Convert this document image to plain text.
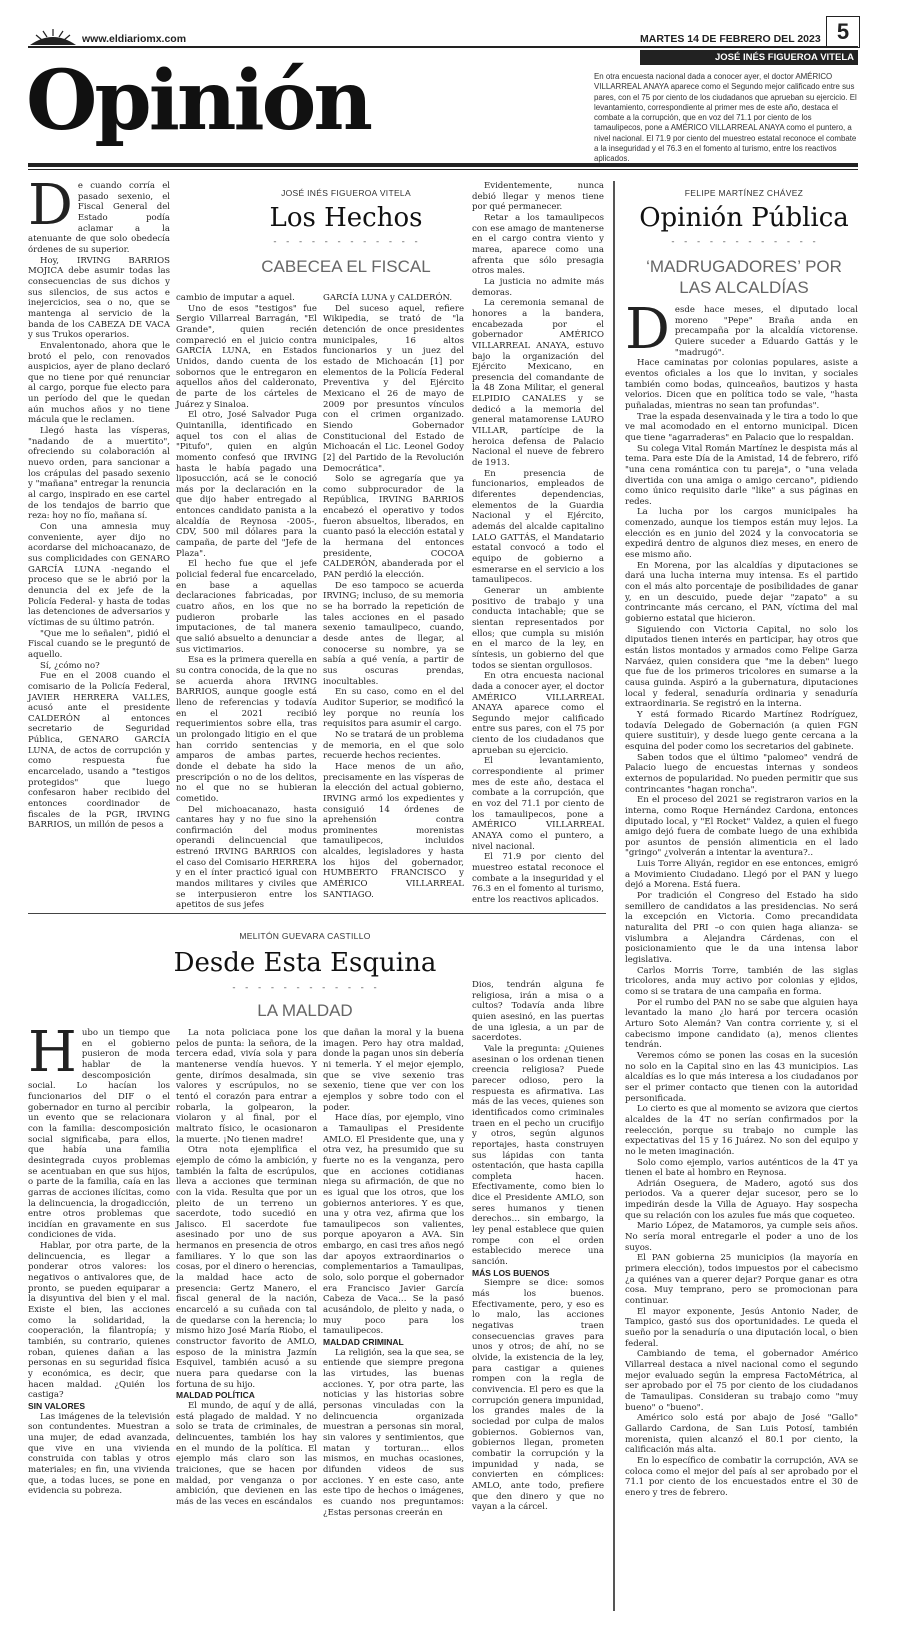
www.eldiariomx.com	MARTES 14 DE FEBRERO DEL 2023 5
JOSÉ INÉS FIGUEROA VITELA
Opinión	En otra encuesta nacional dada a conocer ayer, el doctor AMÉRICO VILLARREAL ANAYA aparece como el Segundo mejor calificado entre sus pares, con el 75 por ciento de los ciudadanos que aprueban su ejercicio. El levantamiento, correspondiente al primer mes de este año, destaca el combate a la corrupción, que en voz del 71.1 por ciento de los tamaulipecos, pone a AMÉRICO VILLARREAL ANAYA como el puntero, a nivel nacional. El 71.9 por ciento del muestreo estatal reconoce el combate a la inseguridad y el 76.3 en el fomento al turismo, entre los reactivos aplicados.
JOSÉ INÉS FIGUEROA VITELA
Los Hechos
- - - - - - - - - - - -
CABECEA EL FISCAL

De cuando corría el pasado sexenio, el Fiscal General del Estado podía aclamar a la atenuante de que solo obedecía órdenes de su superior.

Hoy, IRVING BARRIOS MOJICA debe asumir todas las consecuencias de sus dichos y sus silencios, de sus actos e inejercicios, sea o no, que se mantenga al servicio de la banda de los CABEZA DE VACA y sus Trukos operarios.

Envalentonado, ahora que le brotó el pelo, con renovados auspicios, ayer de plano declaró que no tiene por qué renunciar al cargo, porque fue electo para un período del que le quedan aún muchos años y no tiene mácula que le reclamen.

Llegó hasta las vísperas, "nadando de a muertito", ofreciendo su colaboración al nuevo orden, para sancionar a los crápulas del pasado sexenio y "mañana" entregar la renuncia al cargo, inspirado en ese cartel de los tendajos de barrio que reza: hoy no fío, mañana sí.

Con una amnesia muy conveniente, ayer dijo no acordarse del michoacanazo, de sus complicidades con GENARO GARCÍA LUNA -negando el proceso que se le abrió por la denuncia del ex jefe de la Policía Federal- y hasta de todas las detenciones de adversarios y víctimas de su último patrón.

"Que me lo señalen", pidió el Fiscal cuando se le preguntó de aquello.

Sí, ¿cómo no?

Fue en el 2008 cuando el comisario de la Policía Federal, JAVIER HERRERA VALLES, acusó ante el presidente CALDERÓN al entonces secretario de Seguridad Pública, GENARO GARCÍA LUNA, de actos de corrupción y como respuesta fue encarcelado, usando a "testigos protegidos" que luego confesaron haber recibido del entonces coordinador de fiscales de la PGR, IRVING BARRIOS, un millón de pesos a

cambio de imputar a aquel.

Uno de esos "testigos" fue Sergio Villarreal Barragán, "El Grande", quien recién compareció en el juicio contra GARCÍA LUNA, en Estados Unidos, dando cuenta de los sobornos que le entregaron en aquellos años del calderonato, de parte de los cárteles de Juárez y Sinaloa.

El otro, José Salvador Puga Quintanilla, identificado en aquel tos con el alias de "Pitufo", quien en algún momento confesó que IRVING hasta le había pagado una liposucción, acá se le conoció más por la declaración en la que dijo haber entregado al entonces candidato panista a la alcaldía de Reynosa -2005-, CDV, 500 mil dólares para la campaña, de parte del "Jefe de Plaza".

El hecho fue que el jefe policial federal fue encarcelado, en base a aquellas declaraciones fabricadas, por cuatro años, en los que no pudieron probarle las imputaciones, de tal manera que salió absuelto a denunciar a sus victimarios.

Esa es la primera querella en su contra conocida, de la que no se acuerda ahora IRVING BARRIOS, aunque google está lleno de referencias y todavía en el 2021 recibió requerimientos sobre ella, tras un prolongado litigio en el que han corrido sentencias y amparos de ambas partes, donde el debate ha sido la prescripción o no de los delitos, no el que no se hubieran cometido.

Del michoacanazo, hasta cantares hay y no fue sino la confirmación del modus operandi delincuencial que estrenó IRVING BARRIOS con el caso del Comisario HERRERA y en el ínter practicó igual con mandos militares y civiles que se interpusieron entre los apetitos de sus jefes

GARCÍA LUNA y CALDERÓN.

Del suceso aquel, refiere Wikipedia, se trató de "la detención de once presidentes municipales, 16 altos funcionarios y un juez del estado de Michoacán [1] por elementos de la Policía Federal Preventiva y del Ejército Mexicano el 26 de mayo de 2009 por presuntos vínculos con el crimen organizado. Siendo Gobernador Constitucional del Estado de Michoacán el Lic. Leonel Godoy [2] del Partido de la Revolución Democrática".

Solo se agregaría que ya como subprocurador de la República, IRVING BARRIOS encabezó el operativo y todos fueron absueltos, liberados, en cuanto pasó la elección estatal y la hermana del entonces presidente, COCOA CALDERÓN, abanderada por el PAN perdió la elección.

De eso tampoco se acuerda IRVING; incluso, de su memoria se ha borrado la repetición de tales acciones en el pasado sexenio tamaulipeco, cuando, desde antes de llegar, al conocerse su nombre, ya se sabía a qué venía, a partir de sus oscuras prendas, inocultables.

En su caso, como en el del Auditor Superior, se modificó la ley porque no reunía los requisitos para asumir el cargo.

No se tratará de un problema de memoria, en el que solo recuerde hechos recientes.

Hace menos de un año, precisamente en las vísperas de la elección del actual gobierno, IRVING armó los expedientes y consiguió 14 órdenes de aprehensión contra prominentes morenistas tamaulipecos, incluidos alcaldes, legisladores y hasta los hijos del gobernador, HUMBERTO FRANCISCO y AMÉRICO VILLARREAL SANTIAGO.

Evidentemente, nunca debió llegar y menos tiene por qué permanecer.

Retar a los tamaulipecos con ese amago de mantenerse en el cargo contra viento y marea, aparece como una afrenta que sólo presagia otros males.

La justicia no admite más demoras.

La ceremonia semanal de honores a la bandera, encabezada por el gobernador AMÉRICO VILLARREAL ANAYA, estuvo bajo la organización del Ejército Mexicano, en presencia del comandante de la 48 Zona Militar, el general ELPIDIO CANALES y se dedicó a la memoria del general matamorense LAURO VILLAR, partícipe de la heroica defensa de Palacio Nacional el nueve de febrero de 1913.

En presencia de funcionarios, empleados de diferentes dependencias, elementos de la Guardia Nacional y el Ejército, además del alcalde capitalino LALO GATTÁS, el Mandatario estatal convocó a todo el equipo de gobierno a esmerarse en el servicio a los tamaulipecos.

Generar un ambiente positivo de trabajo y una conducta intachable; que se sientan representados por ellos; que cumpla su misión en el marco de la ley, en síntesis, un gobierno del que todos se sientan orgullosos.

En otra encuesta nacional dada a conocer ayer, el doctor AMÉRICO VILLARREAL ANAYA aparece como el Segundo mejor calificado entre sus pares, con el 75 por ciento de los ciudadanos que aprueban su ejercicio.

El levantamiento, correspondiente al primer mes de este año, destaca el combate a la corrupción, que en voz del 71.1 por ciento de los tamaulipecos, pone a AMÉRICO VILLARREAL ANAYA como el puntero, a nivel nacional.

El 71.9 por ciento del muestreo estatal reconoce el combate a la inseguridad y el 76.3 en el fomento al turismo, entre los reactivos aplicados.

MELITÓN GUEVARA CASTILLO
Desde Esta Esquina
- - - - - - - - - - - -
LA MALDAD

Hubo un tiempo que en el gobierno pusieron de moda hablar de la descomposición social. Lo hacían los funcionarios del DIF o el gobernador en turno al percibir un evento que se relacionara con la familia: descomposición social significaba, para ellos, que había una familia desintegrada cuyos problemas se acentuaban en que sus hijos, o parte de la familia, caía en las garras de acciones ilícitas, como la delincuencia, la drogadicción, entre otros problemas que incidían en gravamente en sus condiciones de vida.

Hablar, por otra parte, de la delincuencia, es llegar a ponderar otros valores: los negativos o antivalores que, de pronto, se pueden equiparar a la disyuntiva del bien y el mal. Existe el bien, las acciones como la solidaridad, la cooperación, la filantropía; y también, su contrario, quienes roban, quienes dañan a las personas en su seguridad física y económica, es decir, que hacen maldad. ¿Quién los castiga?

SIN VALORES

Las imágenes de la televisión son contundentes. Muestran a una mujer, de edad avanzada, que vive en una vivienda construida con tablas y otros materiales; en fin, una vivienda que, a todas luces, se pone en evidencia su pobreza.

La nota policiaca pone los pelos de punta: la señora, de la tercera edad, vivía sola y para mantenerse vendía huevos. Y gente, dirímos desalmada, sin valores y escrúpulos, no se tentó el corazón para entrar a robarla, la golpearon, la violaron y al final, por el maltrato físico, le ocasionaron la muerte. ¡No tienen madre!

Otra nota ejemplifica el ejemplo de cómo la ambición, y también la falta de escrúpulos, lleva a acciones que terminan con la vida. Resulta que por un pleito de un terreno un sacerdote, todo sucedió en Jalisco. El sacerdote fue asesinado por uno de sus hermanos en presencia de otros familiares. Y lo que son las cosas, por el dinero o herencias, la maldad hace acto de presencia: Gertz Manero, el fiscal general de la nación, encarceló a su cuñada con tal de quedarse con la herencia; lo mismo hizo José María Riobo, el constructor favorito de AMLO, esposo de la ministra Jazmín Esquivel, también acusó a su nuera para quedarse con la fortuna de su hijo.

MALDAD POLÍTICA

El mundo, de aquí y de allá, está plagado de maldad. Y no solo se trata de criminales, de delincuentes, también los hay en el mundo de la política. El ejemplo más claro son las traiciones, que se hacen por maldad, por venganza o por ambición, que devienen en las más de las veces en escándalos

que dañan la moral y la buena imagen. Pero hay otra maldad, donde la pagan unos sin debería ni temerla. Y el mejor ejemplo, que se vive sexenio tras sexenio, tiene que ver con los ejemplos y sobre todo con el poder.

Hace días, por ejemplo, vino a Tamaulipas el Presidente AMLO. El Presidente que, una y otra vez, ha presumido que su fuerte no es la venganza, pero que en acciones cotidianas niega su afirmación, de que no es igual que los otros, que los gobiernos anteriores. Y es que, una y otra vez, afirma que los tamaulipecos son valientes, porque apoyaron a AVA. Sin embargo, en casi tres años negó dar apoyos extraordinarios o complementarios a Tamaulipas, solo, solo porque el gobernador era Francisco Javier García Cabeza de Vaca… Se la pasó acusándolo, de pleito y nada, o muy poco para los tamaulipecos.

MALDAD CRIMINAL

La religión, sea la que sea, se entiende que siempre pregona las virtudes, las buenas acciones. Y, por otra parte, las noticias y las historias sobre personas vinculadas con la delincuencia organizada muestran a personas sin moral, sin valores y sentimientos, que matan y torturan… ellos mismos, en muchas ocasiones, difunden videos de sus acciones. Y en este caso, ante este tipo de hechos o imágenes, es cuando nos preguntamos: ¿Estas personas creerán en

Dios, tendrán alguna fe religiosa, irán a misa o a cultos? Todavía anda libre quien asesinó, en las puertas de una iglesia, a un par de sacerdotes.

Vale la pregunta: ¿Quienes asesinan o los ordenan tienen creencia religiosa? Puede parecer odioso, pero la respuesta es afirmativa. Las más de las veces, quienes son identificados como criminales traen en el pecho un crucifijo y otros, según algunos reportajes, hasta construyen sus lápidas con tanta ostentación, que hasta capilla completa hacen. Efectivamente, como bien lo dice el Presidente AMLO, son seres humanos y tienen derechos… sin embargo, la ley penal establece que quien rompe con el orden establecido merece una sanción.

MÁS LOS BUENOS

Siempre se dice: somos más los buenos. Efectivamente, pero, y eso es lo malo, las acciones negativas traen consecuencias graves para unos y otros; de ahí, no se olvide, la existencia de la ley, para castigar a quienes rompen con la regla de convivencia. El pero es que la corrupción genera impunidad, los grandes males de la sociedad por culpa de malos gobiernos. Gobiernos van, gobiernos llegan, prometen combatir la corrupción y la impunidad y nada, se convierten en cómplices: AMLO, ante todo, prefiere que den dinero y que no vayan a la cárcel.

FELIPE MARTÍNEZ CHÁVEZ
Opinión Pública
- - - - - - - - - - - -
‘MADRUGADORES’ POR LAS ALCALDÍAS

Desde hace meses, el diputado local moreno "Pepe" Braña anda en precampaña por la alcaldía victorense. Quiere suceder a Eduardo Gattás y le "madrugó".

Hace caminatas por colonias populares, asiste a eventos oficiales a los que lo invitan, y sociales también como bodas, quinceaños, bautizos y hasta velorios. Dicen que en política todo se vale, "hasta puñaladas, mientras no sean tan profundas".

Trae la espada desenvainada y le tira a todo lo que ve mal acomodado en el entorno municipal. Dicen que tiene "agarraderas" en Palacio que lo respaldan.

Su colega Vital Román Martínez le despista más al tema. Para este Día de la Amistad, 14 de febrero, rifó "una cena romántica con tu pareja", o "una velada divertida con una amiga o amigo cercano", pidiendo como único requisito darle "like" a sus páginas en redes.

La lucha por los cargos municipales ha comenzado, aunque los tiempos están muy lejos. La elección es en junio del 2024 y la convocatoria se expedirá dentro de algunos diez meses, en enero de ese mismo año.

En Morena, por las alcaldías y diputaciones se dará una lucha interna muy intensa. Es el partido con el más alto porcentaje de posibilidades de ganar y, en un descuido, puede dejar "zapato" a su contrincante más cercano, el PAN, víctima del mal gobierno estatal que hicieron.

Siguiendo con Victoria Capital, no solo los diputados tienen interés en participar, hay otros que están listos montados y armados como Felipe Garza Narváez, quien considera que "me la deben" luego que fue de los primeros tricolores en sumarse a la causa guinda. Aspiró a la gubernatura, diputaciones local y federal, senaduría ordinaria y senaduría extraordinaria. Se registró en la interna.

Y está formado Ricardo Martínez Rodríguez, todavía Delegado de Gobernación (a quien FGN quiere sustituir), y desde luego gente cercana a la esquina del poder como los secretarios del gabinete.

Saben todos que el último "palomeo" vendrá de Palacio luego de encuestas internas y sondeos externos de popularidad. No pueden permitir que sus contrincantes "hagan roncha".

En el proceso del 2021 se registraron varios en la interna, como Roque Hernández Cardona, entonces diputado local, y "El Rocket" Valdez, a quien el fuego amigo dejó fuera de combate luego de una exhibida por asuntos de pensión alimenticia en el lado "gringo" ¿volverán a intentar la aventura?..

Luis Torre Aliyán, regidor en ese entonces, emigró a Movimiento Ciudadano. Llegó por el PAN y luego dejó a Morena. Está fuera.

Por tradición el Congreso del Estado ha sido semillero de candidatos a las presidencias. No será la excepción en Victoria. Como precandidata naturalita del PRI –o con quien haga alianza- se vislumbra a Alejandra Cárdenas, con el posicionamiento que le da una intensa labor legislativa.

Carlos Morris Torre, también de las siglas tricolores, anda muy activo por colonias y ejidos, como si se tratara de una campaña en forma.

Por el rumbo del PAN no se sabe que alguien haya levantado la mano ¿lo hará por tercera ocasión Arturo Soto Alemán? Van contra corriente y, si el cabecismo impone candidato (a), menos clientes tendrán.

Veremos cómo se ponen las cosas en la sucesión no solo en la Capital sino en las 43 municipios. Las alcaldías es lo que más interesa a los ciudadanos por ser el primer contacto que tienen con la autoridad personificada.

Lo cierto es que al momento se avizora que ciertos alcaldes de la 4T no serían confirmados por la reelección, porque su trabajo no cumple las expectativas del 15 y 16 Juárez. No son del equipo y no le meten imaginación.

Solo como ejemplo, varios auténticos de la 4T ya tienen el bate al hombro en Reynosa.

Adrián Oseguera, de Madero, agotó sus dos periodos. Va a querer dejar sucesor, pero se lo impedirán desde la Villa de Aguayo. Hay sospecha que su relación con los azules fue más que coqueteo.

Mario López, de Matamoros, ya cumple seis años. No sería moral entregarle el poder a uno de los suyos.

El PAN gobierna 25 municipios (la mayoría en primera elección), todos impuestos por el cabecismo ¿a quiénes van a querer dejar? Porque ganar es otra cosa. Muy temprano, pero se promocionan para continuar.

El mayor exponente, Jesús Antonio Nader, de Tampico, gastó sus dos oportunidades. Le queda el sueño por la senaduría o una diputación local, o bien federal.

Cambiando de tema, el gobernador Américo Villarreal destaca a nivel nacional como el segundo mejor evaluado según la empresa FactoMétrica, al ser aprobado por el 75 por ciento de los ciudadanos de Tamaulipas. Consideran su trabajo como "muy bueno" o "bueno".

Américo solo está por abajo de José "Gallo" Gallardo Cardona, de San Luis Potosí, también morenista, quien alcanzó el 80.1 por ciento, la calificación más alta.

En lo específico de combatir la corrupción, AVA se coloca como el mejor del país al ser aprobado por el 71.1 por ciento de los encuestados entre el 30 de enero y tres de febrero.
